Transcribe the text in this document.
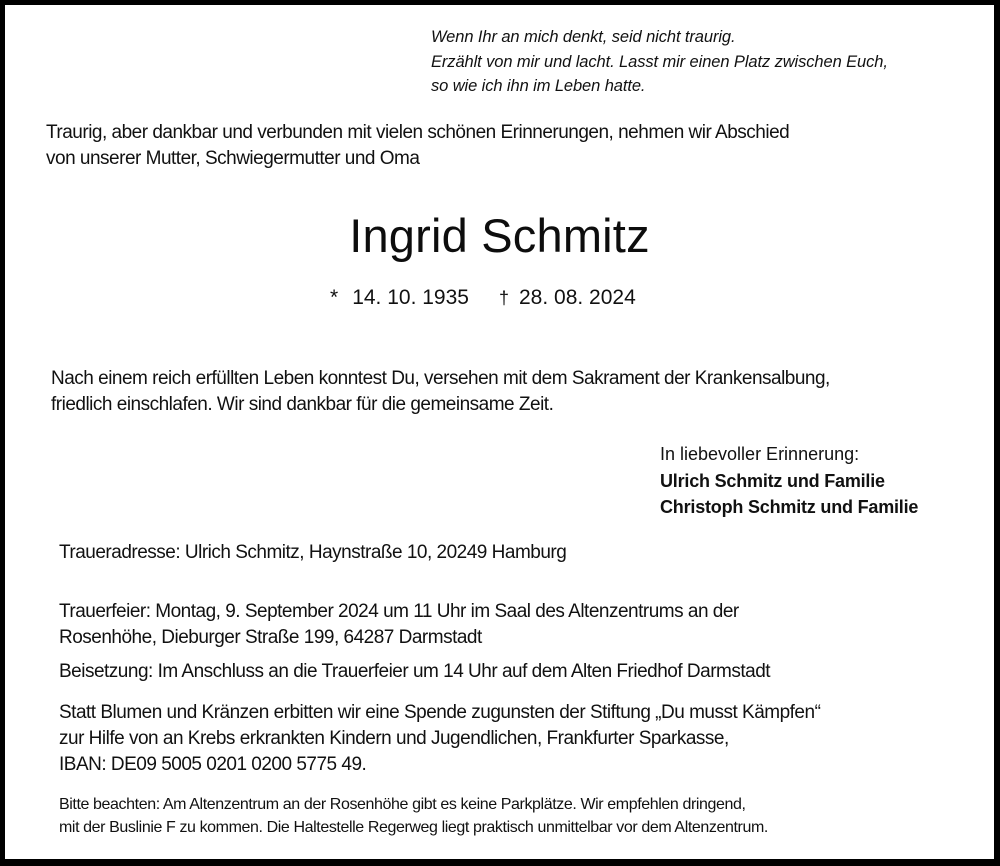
Wenn Ihr an mich denkt, seid nicht traurig.
Erzählt von mir und lacht. Lasst mir einen Platz zwischen Euch,
so wie ich ihn im Leben hatte.
Traurig, aber dankbar und verbunden mit vielen schönen Erinnerungen, nehmen wir Abschied
von unserer Mutter, Schwiegermutter und Oma
Ingrid Schmitz
* 14. 10. 1935 † 28. 08. 2024
Nach einem reich erfüllten Leben konntest Du, versehen mit dem Sakrament der Krankensalbung,
friedlich einschlafen. Wir sind dankbar für die gemeinsame Zeit.
In liebevoller Erinnerung:
Ulrich Schmitz und Familie
Christoph Schmitz und Familie
Traueradresse: Ulrich Schmitz, Haynstraße 10, 20249 Hamburg
Trauerfeier: Montag, 9. September 2024 um 11 Uhr im Saal des Altenzentrums an der
Rosenhöhe, Dieburger Straße 199, 64287 Darmstadt
Beisetzung: Im Anschluss an die Trauerfeier um 14 Uhr auf dem Alten Friedhof Darmstadt
Statt Blumen und Kränzen erbitten wir eine Spende zugunsten der Stiftung „Du musst Kämpfen“
zur Hilfe von an Krebs erkrankten Kindern und Jugendlichen, Frankfurter Sparkasse,
IBAN: DE09 5005 0201 0200 5775 49.
Bitte beachten: Am Altenzentrum an der Rosenhöhe gibt es keine Parkplätze. Wir empfehlen dringend,
mit der Buslinie F zu kommen. Die Haltestelle Regerweg liegt praktisch unmittelbar vor dem Altenzentrum.
